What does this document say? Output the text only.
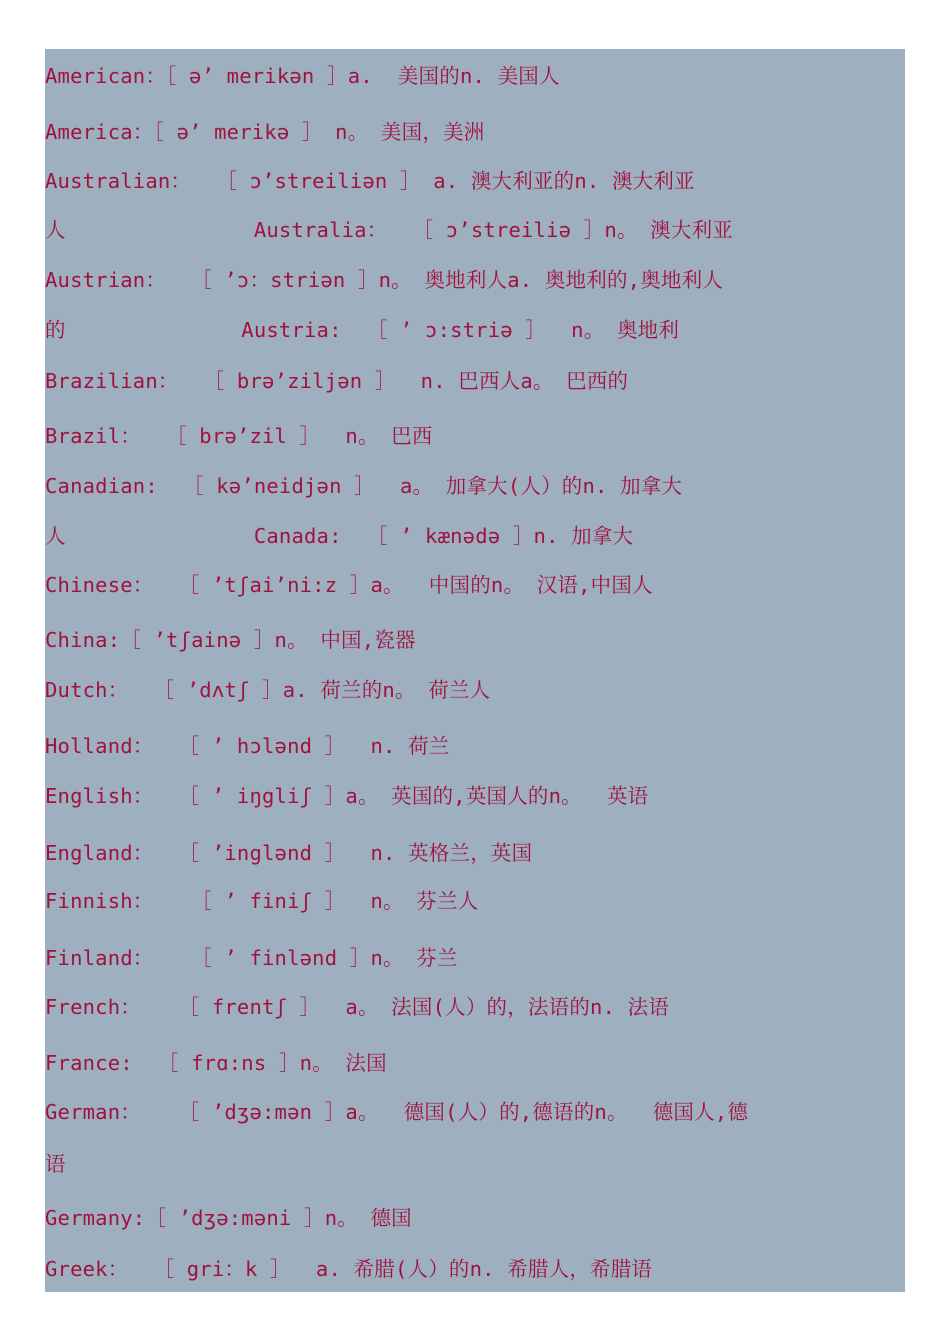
American：［ ə’ merikən ］a.  美国的n. 美国人

America：［ ə’ merikə ］ n。 美国，美洲

Australian：  ［ ɔ’streiliən ］ a. 澳大利亚的n. 澳大利亚

人               Australia：  ［ ɔ’streiliə ］n。 澳大利亚

Austrian：  ［ ’ɔ：striən ］n。 奥地利人a. 奥地利的,奥地利人

的              Austria:  ［ ’ ɔ:striə ］  n。 奥地利

Brazilian：  ［ brə’ziljən ］  n. 巴西人a。 巴西的

Brazil：  ［ brə’zil ］  n。 巴西

Canadian:  ［ kə’neidjən ］  a。 加拿大(人）的n. 加拿大

人               Canada:  ［ ’ kænədə ］n. 加拿大

Chinese：  ［ ’tʃai’ni:z ］a。  中国的n。 汉语,中国人

China:［ ’tʃainə ］n。 中国,瓷器

Dutch：  ［ ’dʌtʃ ］a. 荷兰的n。 荷兰人

Holland：  ［ ’ hɔlənd ］  n. 荷兰

English：  ［ ’ iŋgliʃ ］a。 英国的,英国人的n。  英语

England：  ［ ’inglənd ］  n. 英格兰，英国

Finnish：   ［ ’ finiʃ ］  n。 芬兰人

Finland：   ［ ’ finlənd ］n。 芬兰

French：   ［ frentʃ ］  a。 法国(人）的，法语的n. 法语

France:  ［ frɑ:ns ］n。 法国

German：   ［ ’dʒə:mən ］a。  德国(人）的,德语的n。  德国人,德

语

Germany:［ ’dʒə:məni ］n。 德国

Greek：  ［ gri：k ］  a. 希腊(人）的n. 希腊人，希腊语
